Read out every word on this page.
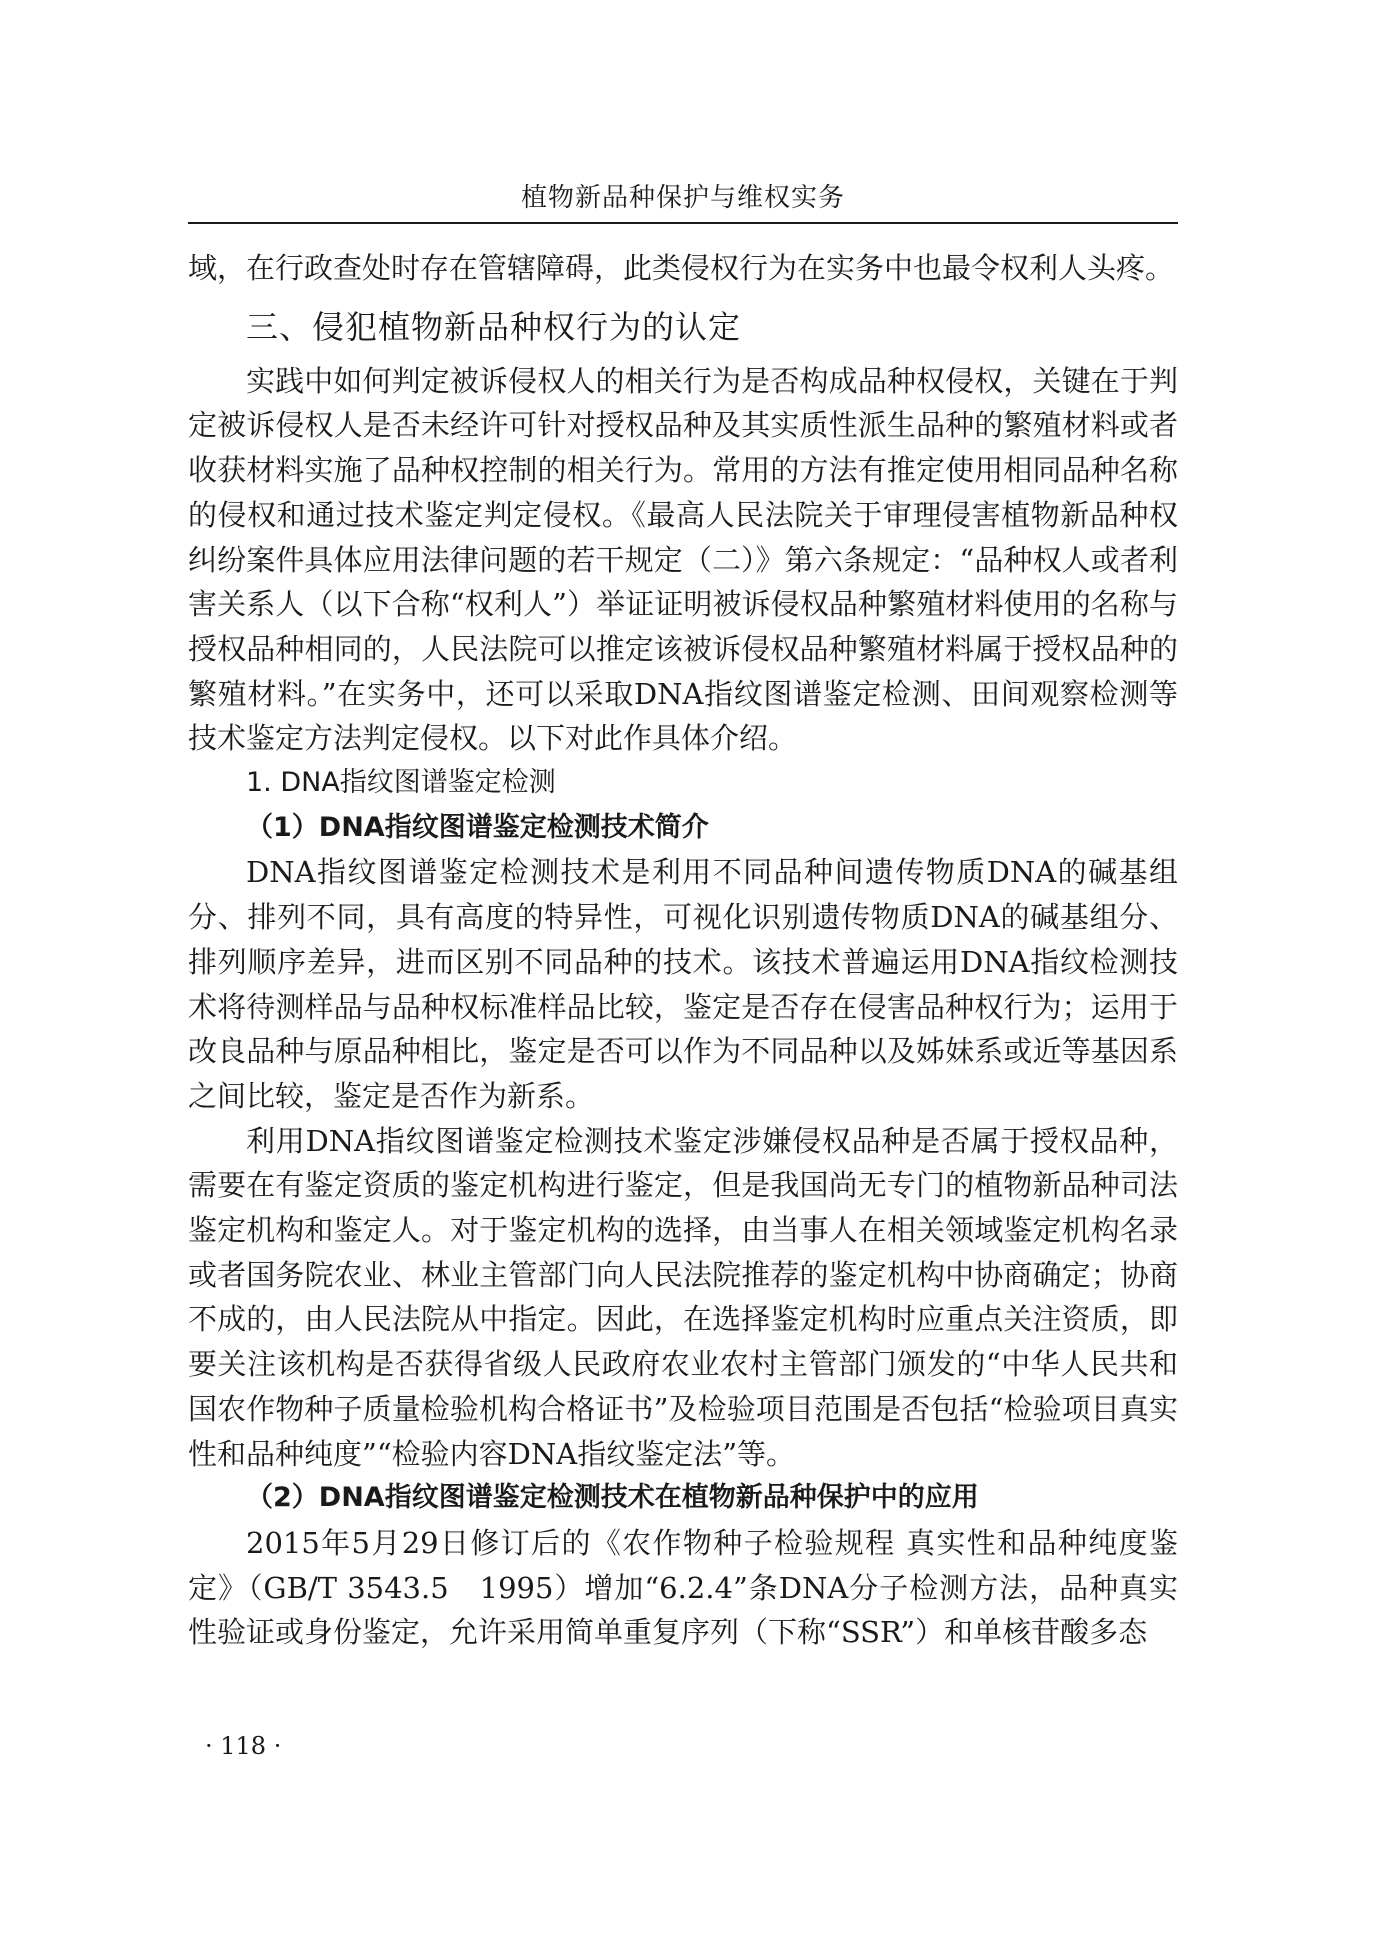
植物新品种保护与维权实务

域，在行政查处时存在管辖障碍，此类侵权行为在实务中也最令权利人头疼。

三、侵犯植物新品种权行为的认定

实践中如何判定被诉侵权人的相关行为是否构成品种权侵权，关键在于判定被诉侵权人是否未经许可针对授权品种及其实质性派生品种的繁殖材料或者收获材料实施了品种权控制的相关行为。常用的方法有推定使用相同品种名称的侵权和通过技术鉴定判定侵权。《最高人民法院关于审理侵害植物新品种权纠纷案件具体应用法律问题的若干规定（二）》第六条规定：“品种权人或者利害关系人（以下合称“权利人”）举证证明被诉侵权品种繁殖材料使用的名称与授权品种相同的，人民法院可以推定该被诉侵权品种繁殖材料属于授权品种的繁殖材料。”在实务中，还可以采取DNA指纹图谱鉴定检测、田间观察检测等技术鉴定方法判定侵权。以下对此作具体介绍。

1. DNA指纹图谱鉴定检测
（1）DNA指纹图谱鉴定检测技术简介

DNA指纹图谱鉴定检测技术是利用不同品种间遗传物质DNA的碱基组分、排列不同，具有高度的特异性，可视化识别遗传物质DNA的碱基组分、排列顺序差异，进而区别不同品种的技术。该技术普遍运用DNA指纹检测技术将待测样品与品种权标准样品比较，鉴定是否存在侵害品种权行为；运用于改良品种与原品种相比，鉴定是否可以作为不同品种以及姊妹系或近等基因系之间比较，鉴定是否作为新系。

利用DNA指纹图谱鉴定检测技术鉴定涉嫌侵权品种是否属于授权品种，需要在有鉴定资质的鉴定机构进行鉴定，但是我国尚无专门的植物新品种司法鉴定机构和鉴定人。对于鉴定机构的选择，由当事人在相关领域鉴定机构名录或者国务院农业、林业主管部门向人民法院推荐的鉴定机构中协商确定；协商不成的，由人民法院从中指定。因此，在选择鉴定机构时应重点关注资质，即要关注该机构是否获得省级人民政府农业农村主管部门颁发的“中华人民共和国农作物种子质量检验机构合格证书”及检验项目范围是否包括“检验项目真实性和品种纯度”“检验内容DNA指纹鉴定法”等。

（2）DNA指纹图谱鉴定检测技术在植物新品种保护中的应用

2015年5月29日修订后的《农作物种子检验规程 真实性和品种纯度鉴定》（GB/T 3543.5　1995）增加“6.2.4”条DNA分子检测方法，品种真实性验证或身份鉴定，允许采用简单重复序列（下称“SSR”）和单核苷酸多态

· 118 ·
